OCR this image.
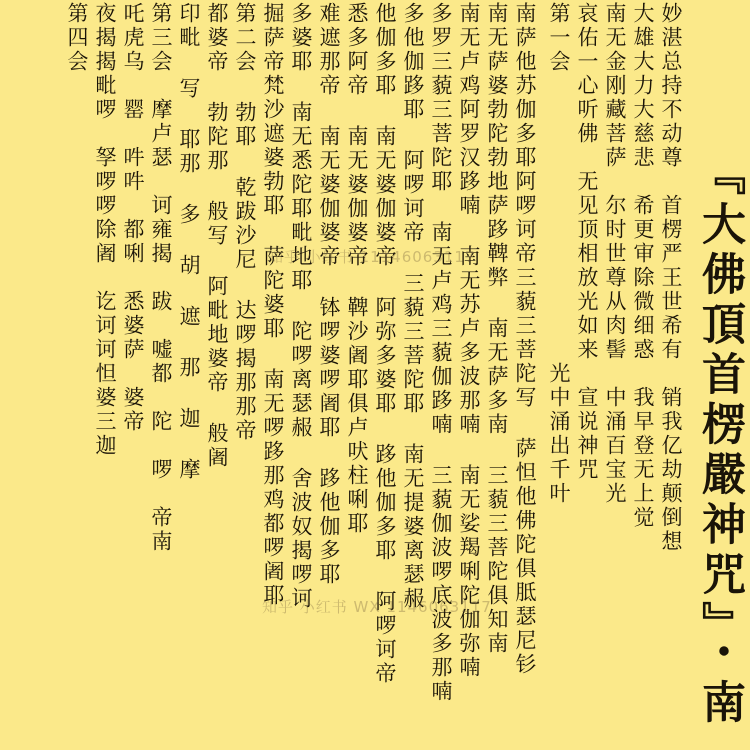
『大佛頂首楞嚴神咒』・南
妙湛总持不动尊　首楞严王世希有　销我亿劫颠倒想
大雄大力大慈悲　希更审除微细惑　我早登无上觉
南无金刚藏菩萨　尔时世尊从肉髻　中涌百宝光
哀佑一心听佛　无见顶相放光如来　宣说神咒
第一会　　　　　　　　　　　　光中涌出千叶
南萨他苏伽多耶阿啰诃帝三藐三菩陀写 萨怛他佛陀俱胝瑟尼钐
南无萨婆勃陀勃地萨跢鞞弊 南无萨多南 三藐三菩陀俱知南
南无卢鸡阿罗汉跢喃 南无苏卢多波那喃 南无娑羯唎陀伽弥喃
多罗三藐三菩陀耶 南无卢鸡三藐伽跢喃 三藐伽波啰底波多那喃
多他伽跢耶 阿啰诃帝 三藐三菩陀耶 南无提婆离瑟赧
他伽多耶 南无婆伽婆帝 阿弥多婆耶 跢他伽多耶 阿啰诃帝
悉多阿帝 南无婆伽婆帝 鞞沙阇耶俱卢吠柱唎耶
难遮那帝 南无婆伽婆帝 钵啰婆啰阇耶 跢他伽多耶
多婆耶 南无悉陀耶毗地耶 陀啰离瑟赧 舍波奴揭啰诃
掘萨帝梵沙遮婆勃耶 萨陀婆耶 南无啰跢那鸡都啰阇耶
第二会 勃耶 乾跋沙尼 达啰揭那那帝
都婆帝 勃陀那 般写 阿毗地婆帝 般阇
印毗 写 耶那 多 胡 遮 那 迦 摩
第三会　摩卢瑟　诃雍揭　跋　嘘都　陀　啰　帝南
吒虎乌　罂　吽吽　都唎　悉婆萨　婆帝
夜揭揭毗啰　孥啰啰除阇　讫诃诃怛婆三迦
第四会
知乎 小红书 11146063117
知乎 小红书 WX 1146063117
